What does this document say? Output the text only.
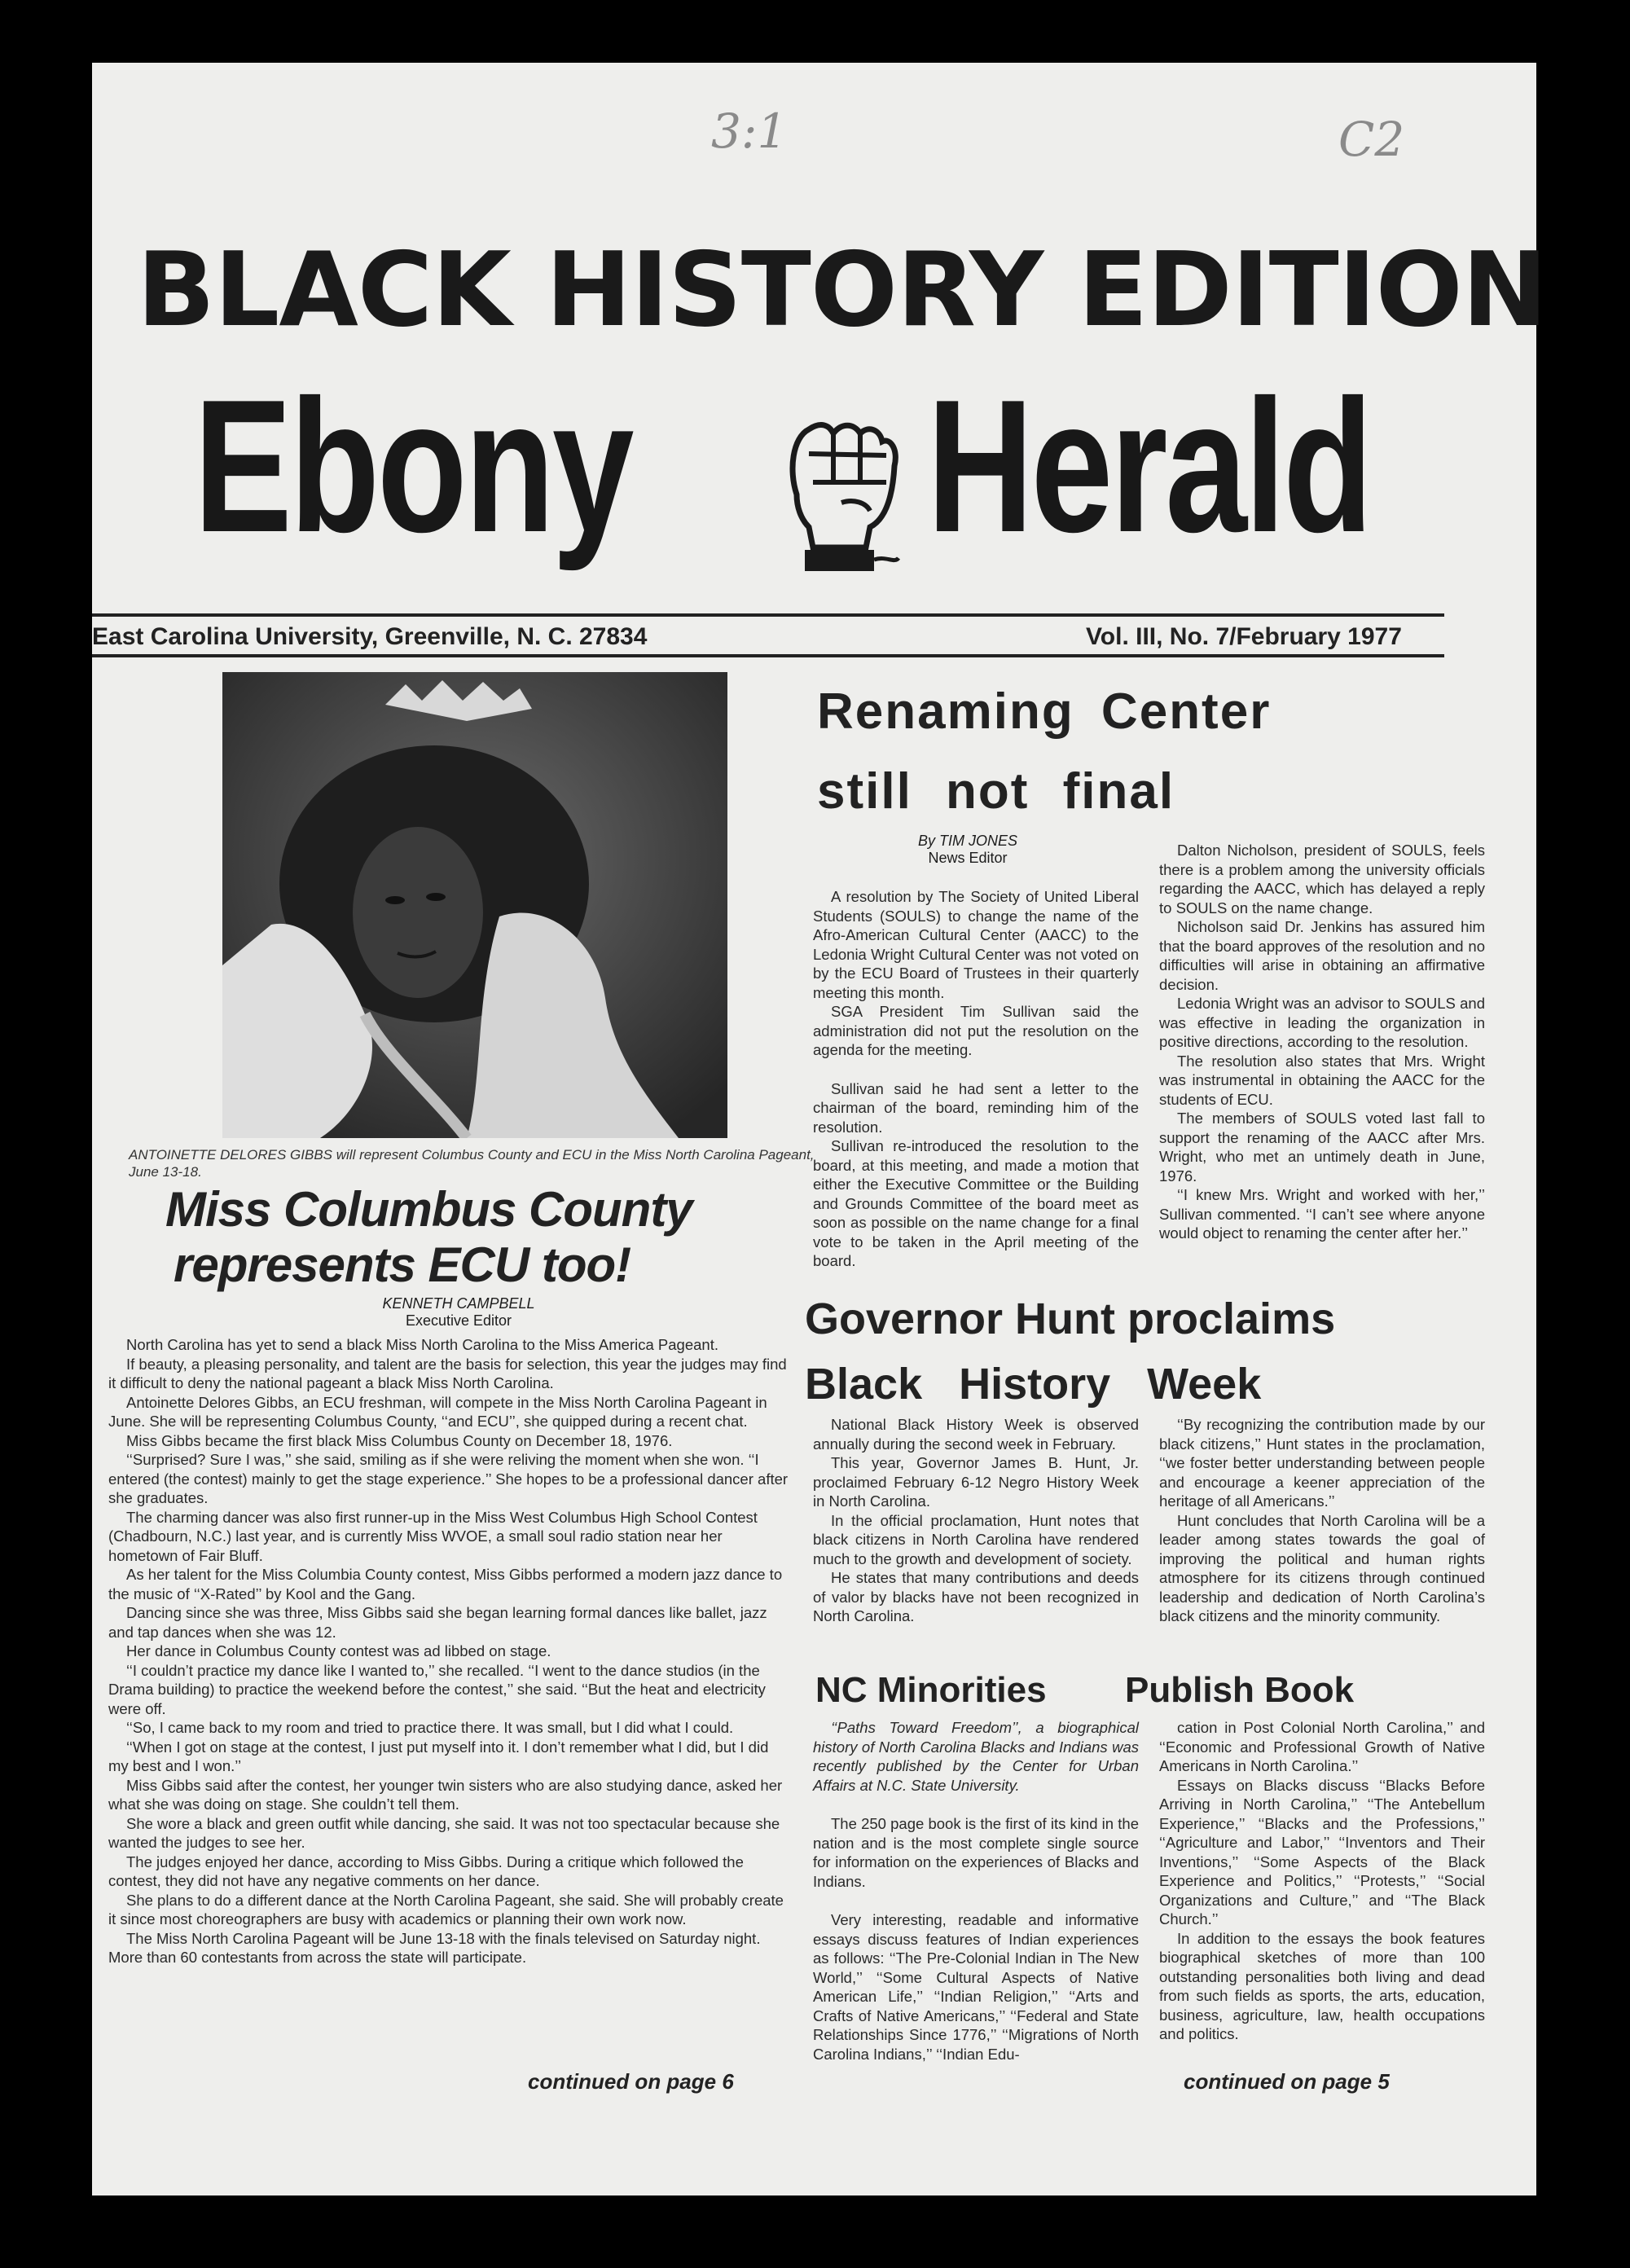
3:1	C2
BLACK HISTORY EDITION
Ebony Herald
East Carolina University, Greenville, N. C. 27834	Vol. III, No. 7/February 1977
ANTOINETTE DELORES GIBBS will represent Columbus County and ECU in the Miss North Carolina Pageant, June 13-18.
Miss Columbus County
represents ECU too!
KENNETH CAMPBELL
Executive Editor

North Carolina has yet to send a black Miss North Carolina to the Miss America Pageant.

If beauty, a pleasing personality, and talent are the basis for selection, this year the judges may find it difficult to deny the national pageant a black Miss North Carolina.

Antoinette Delores Gibbs, an ECU freshman, will compete in the Miss North Carolina Pageant in June. She will be representing Columbus County, ‘‘and ECU’’, she quipped during a recent chat.

Miss Gibbs became the first black Miss Columbus County on December 18, 1976.

‘‘Surprised? Sure I was,’’ she said, smiling as if she were reliving the moment when she won. ‘‘I entered (the contest) mainly to get the stage experience.’’ She hopes to be a professional dancer after she graduates.

The charming dancer was also first runner-up in the Miss West Columbus High School Contest (Chadbourn, N.C.) last year, and is currently Miss WVOE, a small soul radio station near her hometown of Fair Bluff.

As her talent for the Miss Columbia County contest, Miss Gibbs performed a modern jazz dance to the music of ‘‘X-Rated’’ by Kool and the Gang.

Dancing since she was three, Miss Gibbs said she began learning formal dances like ballet, jazz and tap dances when she was 12.

Her dance in Columbus County contest was ad libbed on stage.

‘‘I couldn’t practice my dance like I wanted to,’’ she recalled. ‘‘I went to the dance studios (in the Drama building) to practice the weekend before the contest,’’ she said. ‘‘But the heat and electricity were off.

‘‘So, I came back to my room and tried to practice there. It was small, but I did what I could.

‘‘When I got on stage at the contest, I just put myself into it. I don’t remember what I did, but I did my best and I won.’’

Miss Gibbs said after the contest, her younger twin sisters who are also studying dance, asked her what she was doing on stage. She couldn’t tell them.

She wore a black and green outfit while dancing, she said. It was not too spectacular because she wanted the judges to see her.

The judges enjoyed her dance, according to Miss Gibbs. During a critique which followed the contest, they did not have any negative comments on her dance.

She plans to do a different dance at the North Carolina Pageant, she said. She will probably create it since most choreographers are busy with academics or planning their own work now.

The Miss North Carolina Pageant will be June 13-18 with the finals televised on Saturday night. More than 60 contestants from across the state will participate.

continued on page 6
Renaming Center
still not final
By TIM JONES
News Editor

A resolution by The Society of United Liberal Students (SOULS) to change the name of the Afro-American Cultural Center (AACC) to the Ledonia Wright Cultural Center was not voted on by the ECU Board of Trustees in their quarterly meeting this month.

SGA President Tim Sullivan said the administration did not put the resolution on the agenda for the meeting.

Sullivan said he had sent a letter to the chairman of the board, reminding him of the resolution.

Sullivan re-introduced the resolution to the board, at this meeting, and made a motion that either the Executive Committee or the Building and Grounds Committee of the board meet as soon as possible on the name change for a final vote to be taken in the April meeting of the board.

Dalton Nicholson, president of SOULS, feels there is a problem among the university officials regarding the AACC, which has delayed a reply to SOULS on the name change.

Nicholson said Dr. Jenkins has assured him that the board approves of the resolution and no difficulties will arise in obtaining an affirmative decision.

Ledonia Wright was an advisor to SOULS and was effective in leading the organization in positive directions, according to the resolution.

The resolution also states that Mrs. Wright was instrumental in obtaining the AACC for the students of ECU.

The members of SOULS voted last fall to support the renaming of the AACC after Mrs. Wright, who met an untimely death in June, 1976.

‘‘I knew Mrs. Wright and worked with her,’’ Sullivan commented. ‘‘I can’t see where anyone would object to renaming the center after her.’’

Governor Hunt proclaims
Black   History   Week

National Black History Week is observed annually during the second week in February.

This year, Governor James B. Hunt, Jr. proclaimed February 6-12 Negro History Week in North Carolina.

In the official proclamation, Hunt notes that black citizens in North Carolina have rendered much to the growth and development of society.

He states that many contributions and deeds of valor by blacks have not been recognized in North Carolina.

‘‘By recognizing the contribution made by our black citizens,’’ Hunt states in the proclamation, ‘‘we foster better understanding between people and encourage a keener appreciation of the heritage of all Americans.’’

Hunt concludes that North Carolina will be a leader among states towards the goal of improving the political and human rights atmosphere for its citizens through continued leadership and dedication of North Carolina’s black citizens and the minority community.

NC Minorities	Publish Book

‘‘Paths Toward Freedom’’, a biographical history of North Carolina Blacks and Indians was recently published by the Center for Urban Affairs at N.C. State University.

The 250 page book is the first of its kind in the nation and is the most complete single source for information on the experiences of Blacks and Indians.

Very interesting, readable and informative essays discuss features of Indian experiences as follows: ‘‘The Pre-Colonial Indian in The New World,’’ ‘‘Some Cultural Aspects of Native American Life,’’ ‘‘Indian Religion,’’ ‘‘Arts and Crafts of Native Americans,’’ ‘‘Federal and State Relationships Since 1776,’’ ‘‘Migrations of North Carolina Indians,’’ ‘‘Indian Edu-

cation in Post Colonial North Carolina,’’ and ‘‘Economic and Professional Growth of Native Americans in North Carolina.’’

Essays on Blacks discuss ‘‘Blacks Before Arriving in North Carolina,’’ ‘‘The Antebellum Experience,’’ ‘‘Blacks and the Professions,’’ ‘‘Agriculture and Labor,’’ ‘‘Inventors and Their Inventions,’’ ‘‘Some Aspects of the Black Experience and Politics,’’ ‘‘Protests,’’ ‘‘Social Organizations and Culture,’’ and ‘‘The Black Church.’’

In addition to the essays the book features biographical sketches of more than 100 outstanding personalities both living and dead from such fields as sports, the arts, education, business, agriculture, law, health occupations and politics.

continued on page 5
